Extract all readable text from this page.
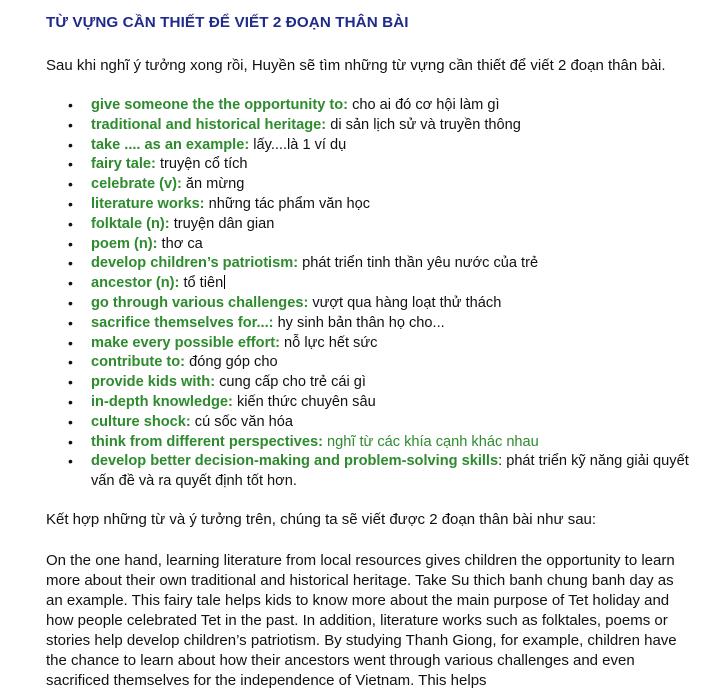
TỪ VỰNG CẦN THIẾT ĐỂ VIẾT 2 ĐOẠN THÂN BÀI
Sau khi nghĩ ý tưởng xong rồi, Huyền sẽ tìm những từ vựng cần thiết để viết 2 đoạn thân bài.
•	give someone the the opportunity to: cho ai đó cơ hội làm gì
•	traditional and historical heritage: di sản lịch sử và truyền thông
•	take .... as an example: lấy....là 1 ví dụ
•	fairy tale: truyện cổ tích
•	celebrate (v): ăn mừng
•	literature works: những tác phẩm văn học
•	folktale (n): truyện dân gian
•	poem (n): thơ ca
•	develop children’s patriotism: phát triển tinh thần yêu nước của trẻ
•	ancestor (n): tổ tiên
•	go through various challenges: vượt qua hàng loạt thử thách
•	sacrifice themselves for...: hy sinh bản thân họ cho...
•	make every possible effort: nỗ lực hết sức
•	contribute to: đóng góp cho
•	provide kids with: cung cấp cho trẻ cái gì
•	in-depth knowledge: kiến thức chuyên sâu
•	culture shock: cú sốc văn hóa
•	think from different perspectives: nghĩ từ các khía cạnh khác nhau
•	develop better decision-making and problem-solving skills: phát triển kỹ năng giải quyết vấn đề và ra quyết định tốt hơn.
Kết hợp những từ và ý tưởng trên, chúng ta sẽ viết được 2 đoạn thân bài như sau:
On the one hand, learning literature from local resources gives children the opportunity to learn more about their own traditional and historical heritage. Take Su thich banh chung banh day as an example. This fairy tale helps kids to know more about the main purpose of Tet holiday and how people celebrated Tet in the past. In addition, literature works such as folktales, poems or stories help develop children’s patriotism. By studying Thanh Giong, for example, children have the chance to learn about how their ancestors went through various challenges and even sacrificed themselves for the independence of Vietnam. This helps
